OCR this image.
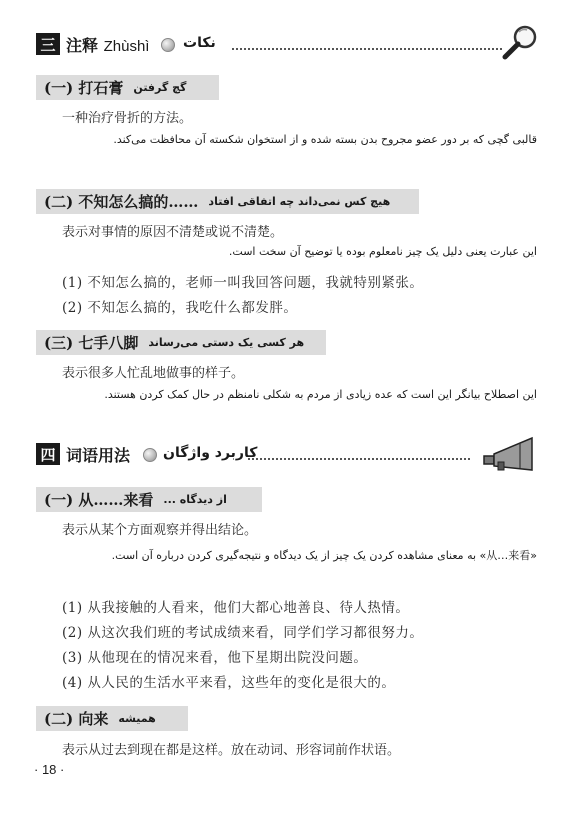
三 注释 Zhùshì نکات
(一) 打石膏 گچ گرفتن
一种治疗骨折的方法。
قالبی گچی که بر دور عضو مجروح بدن بسته شده و از استخوان شکسته آن محافظت می‌کند.
(二) 不知怎么搞的…… هیچ کس نمی‌داند چه اتفاقی افتاد
表示对事情的原因不清楚或说不清楚。
این عبارت یعنی دلیل یک چیز نامعلوم بوده یا توضیح آن سخت است.
(1) 不知怎么搞的，老师一叫我回答问题，我就特别紧张。
(2) 不知怎么搞的，我吃什么都发胖。
(三) 七手八脚 هر کسی یک دستی می‌رساند
表示很多人忙乱地做事的样子。
این اصطلاح بیانگر این است که عده زیادی از مردم به شکلی نامنظم در حال کمک کردن هستند.
四 词语用法 کاربرد واژگان
(一) 从……来看 از دیدگاه ...
表示从某个方面观察并得出结论。
«从…来看» به معنای مشاهده کردن یک چیز از یک دیدگاه و نتیجه‌گیری کردن درباره آن است.
(1) 从我接触的人看来，他们大都心地善良、待人热情。
(2) 从这次我们班的考试成绩来看，同学们学习都很努力。
(3) 从他现在的情况来看，他下星期出院没问题。
(4) 从人民的生活水平来看，这些年的变化是很大的。
(二) 向来 همیشه
表示从过去到现在都是这样。放在动词、形容词前作状语。
· 18 ·
